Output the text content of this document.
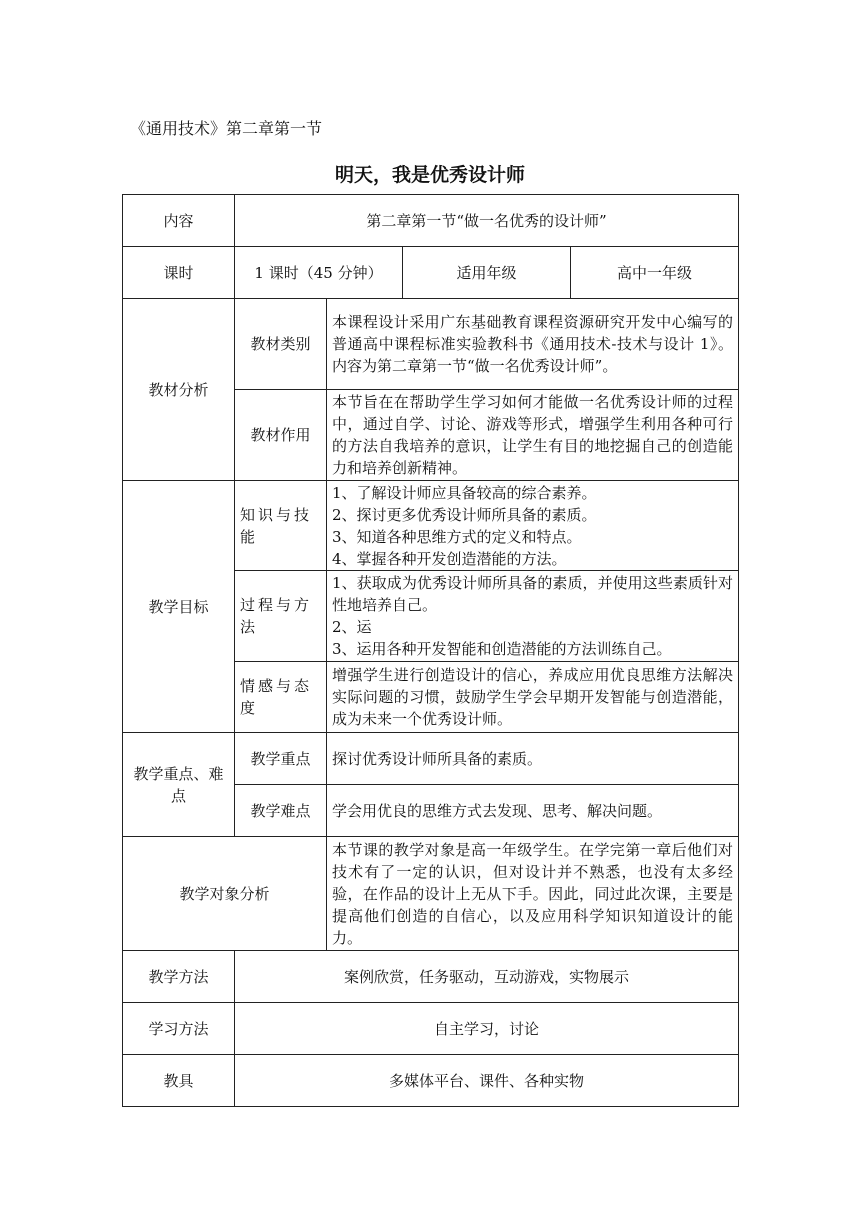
《通用技术》第二章第一节
明天，我是优秀设计师
内容	第二章第一节“做一名优秀的设计师”			
课时	1 课时（45 分钟）		适用年级	高中一年级
教材分析	教材类别	本课程设计采用广东基础教育课程资源研究开发中心编写的普通高中课程标准实验教科书《通用技术-技术与设计 1》。内容为第二章第一节“做一名优秀设计师”。		
	教材作用	本节旨在在帮助学生学习如何才能做一名优秀设计师的过程中，通过自学、讨论、游戏等形式，增强学生利用各种可行的方法自我培养的意识，让学生有目的地挖掘自己的创造能力和培养创新精神。		
教学目标	知识与技能	1、了解设计师应具备较高的综合素养。
2、探讨更多优秀设计师所具备的素质。
3、知道各种思维方式的定义和特点。
4、掌握各种开发创造潜能的方法。		

	过程与方法	1、获取成为优秀设计师所具备的素质，并使用这些素质针对性地培养自己。
2、运
3、运用各种开发智能和创造潜能的方法训练自己。		

	情感与态度	增强学生进行创造设计的信心，养成应用优良思维方法解决实际问题的习惯，鼓励学生学会早期开发智能与创造潜能，成为未来一个优秀设计师。		
教学重点、难点	教学重点	探讨优秀设计师所具备的素质。		
	教学难点	学会用优良的思维方式去发现、思考、解决问题。		
教学对象分析		本节课的教学对象是高一年级学生。在学完第一章后他们对技术有了一定的认识，但对设计并不熟悉，也没有太多经验，在作品的设计上无从下手。因此，同过此次课，主要是提高他们创造的自信心，以及应用科学知识知道设计的能力。		
教学方法	案例欣赏，任务驱动，互动游戏，实物展示			
学习方法	自主学习，讨论			
教具	多媒体平台、课件、各种实物			
